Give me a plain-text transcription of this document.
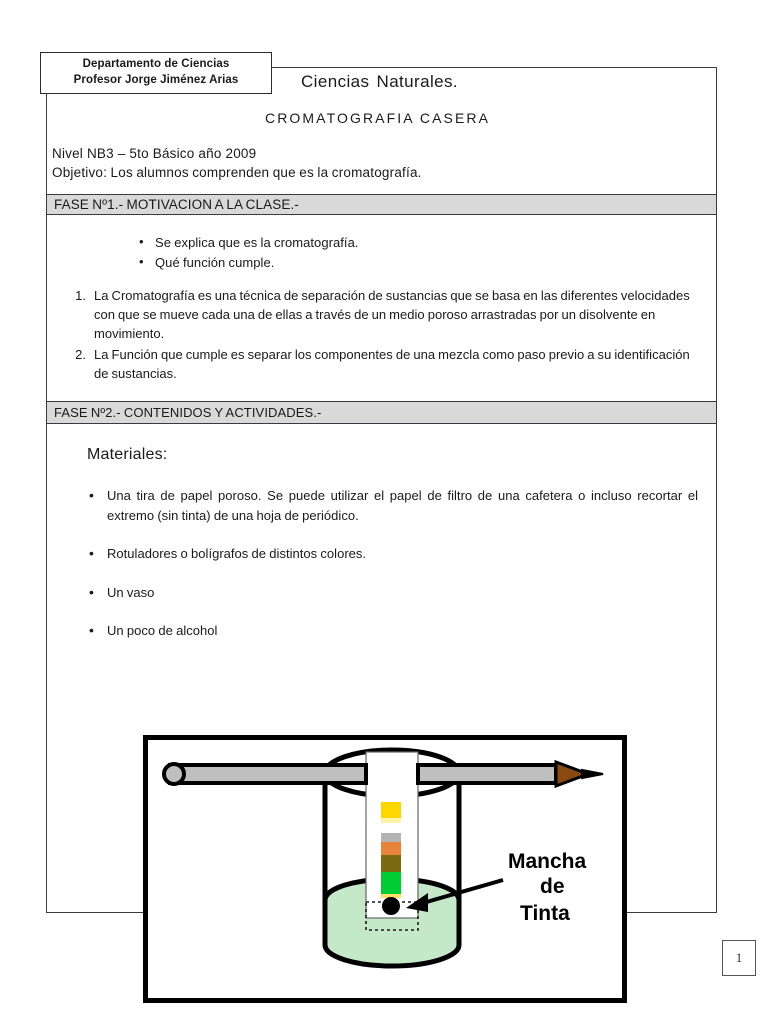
Departamento de Ciencias
Profesor Jorge Jiménez Arias	Ciencias Naturales.
CROMATOGRAFIA CASERA
Nivel NB3 – 5to Básico año 2009
Objetivo: Los alumnos comprenden que es la cromatografía.
FASE Nº1.- MOTIVACION A LA CLASE.-
• Se explica que es la cromatografía.
• Qué función cumple.
1. La Cromatografía es una técnica de separación de sustancias que se basa en las diferentes velocidades con que se mueve cada una de ellas a través de un medio poroso arrastradas por un disolvente en movimiento.
2. La Función que cumple es separar los componentes de una mezcla como paso previo a su identificación de sustancias.
FASE Nº2.- CONTENIDOS Y ACTIVIDADES.-
Materiales:
• Una tira de papel poroso. Se puede utilizar el papel de filtro de una cafetera o incluso recortar el extremo (sin tinta) de una hoja de periódico.
• Rotuladores o bolígrafos de distintos colores.
• Un vaso
• Un poco de alcohol
Mancha
de
Tinta
1
